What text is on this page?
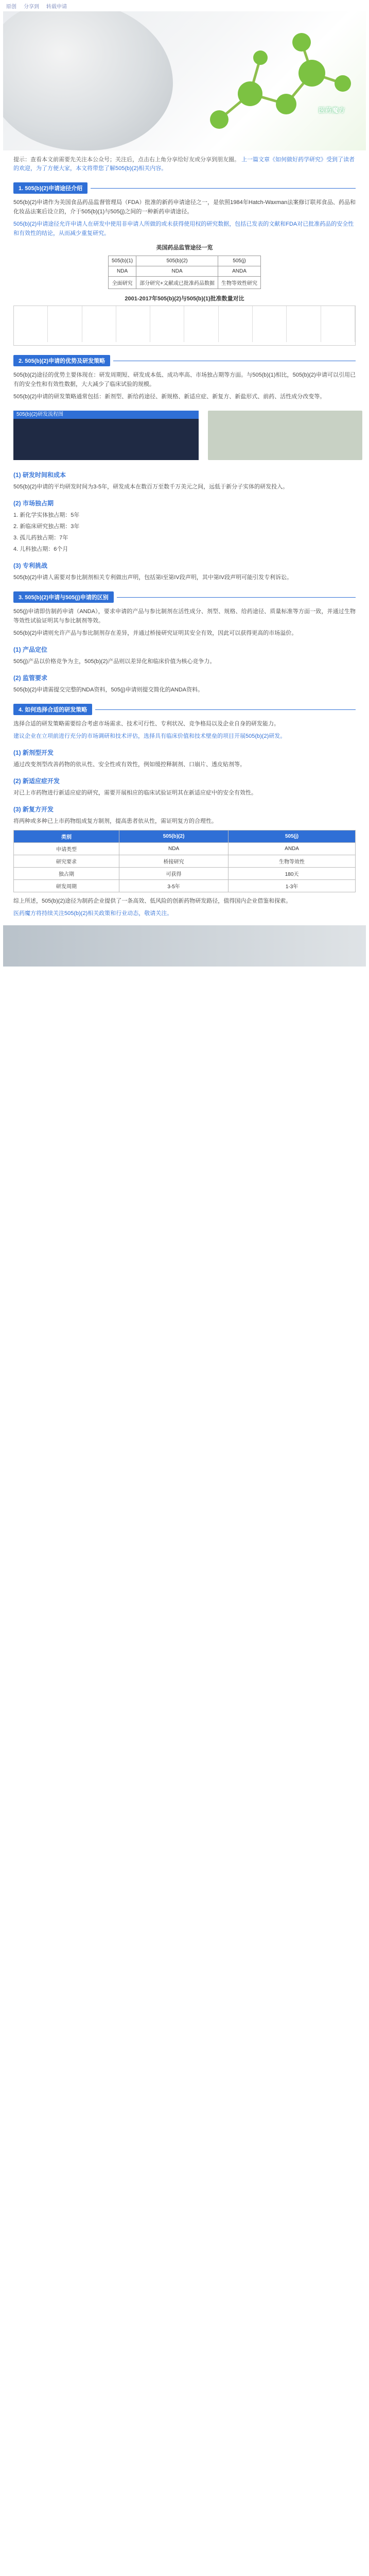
原创 分享到 转载申请
医药魔方
提示：查看本文前需要先关注本公众号；关注后，点击右上角分享给好友或分享到朋友圈。 上一篇文章《如何做好药学研究》受到了读者的欢迎，为了方便大家，本文将带您了解505(b)(2)相关内容。
1. 505(b)(2)申请途径介绍

505(b)(2)申请作为美国食品药品监督管理局（FDA）批准的新药申请途径之一，是依照1984年Hatch-Waxman法案修订联邦食品、药品和化妆品法案后设立的，介于505(b)(1)与505(j)之间的一种新药申请途径。

505(b)(2)申请途径允许申请人在研发中使用非申请人所做的或未获得使用权的研究数据，包括已发表的文献和FDA对已批准药品的安全性和有效性的结论，从而减少重复研究。

美国药品监管途径一览
505(b)(1)	505(b)(2)	505(j)
NDA	NDA	ANDA
全面研究	部分研究+文献或已批准药品数据	生物等效性研究
2001-2017年505(b)(2)与505(b)(1)批准数量对比
2. 505(b)(2)申请的优势及研发策略

505(b)(2)途径的优势主要体现在：研发周期短、研发成本低、成功率高、市场独占期等方面。与505(b)(1)相比，505(b)(2)申请可以引用已有的安全性和有效性数据，大大减少了临床试验的规模。

505(b)(2)申请的研发策略通常包括：新剂型、新给药途径、新规格、新适应症、新复方、新盐形式、前药、活性成分改变等。

505(b)(2)研发流程图
(1) 研发时间和成本

505(b)(2)申请的平均研发时间为3-5年，研发成本在数百万至数千万美元之间，远低于新分子实体的研发投入。

(2) 市场独占期
1. 新化学实体独占期：5年
2. 新临床研究独占期：3年
3. 孤儿药独占期：7年
4. 儿科独占期：6个月
(3) 专利挑战

505(b)(2)申请人需要对参比制剂相关专利做出声明，包括第I至第IV段声明，其中第IV段声明可能引发专利诉讼。

3. 505(b)(2)申请与505(j)申请的区别

505(j)申请即仿制药申请（ANDA），要求申请的产品与参比制剂在活性成分、剂型、规格、给药途径、质量标准等方面一致，并通过生物等效性试验证明其与参比制剂等效。

505(b)(2)申请则允许产品与参比制剂存在差异，并通过桥接研究证明其安全有效，因此可以获得更高的市场溢价。

(1) 产品定位

505(j)产品以价格竞争为主，505(b)(2)产品则以差异化和临床价值为核心竞争力。

(2) 监管要求

505(b)(2)申请需提交完整的NDA资料，505(j)申请则提交简化的ANDA资料。

4. 如何选择合适的研发策略

选择合适的研发策略需要综合考虑市场需求、技术可行性、专利状况、竞争格局以及企业自身的研发能力。

建议企业在立项前进行充分的市场调研和技术评估，选择具有临床价值和技术壁垒的项目开展505(b)(2)研发。

(1) 新剂型开发

通过改变剂型改善药物的依从性、安全性或有效性，例如缓控释制剂、口崩片、透皮贴剂等。

(2) 新适应症开发

对已上市药物进行新适应症的研究，需要开展相应的临床试验证明其在新适应症中的安全有效性。

(3) 新复方开发

将两种或多种已上市药物组成复方制剂，提高患者依从性，需证明复方的合理性。

类别	505(b)(2)	505(j)
申请类型	NDA	ANDA
研究要求	桥接研究	生物等效性
独占期	可获得	180天
研发周期	3-5年	1-3年

综上所述，505(b)(2)途径为制药企业提供了一条高效、低风险的创新药物研发路径，值得国内企业借鉴和探索。

医药魔方将持续关注505(b)(2)相关政策和行业动态，敬请关注。
